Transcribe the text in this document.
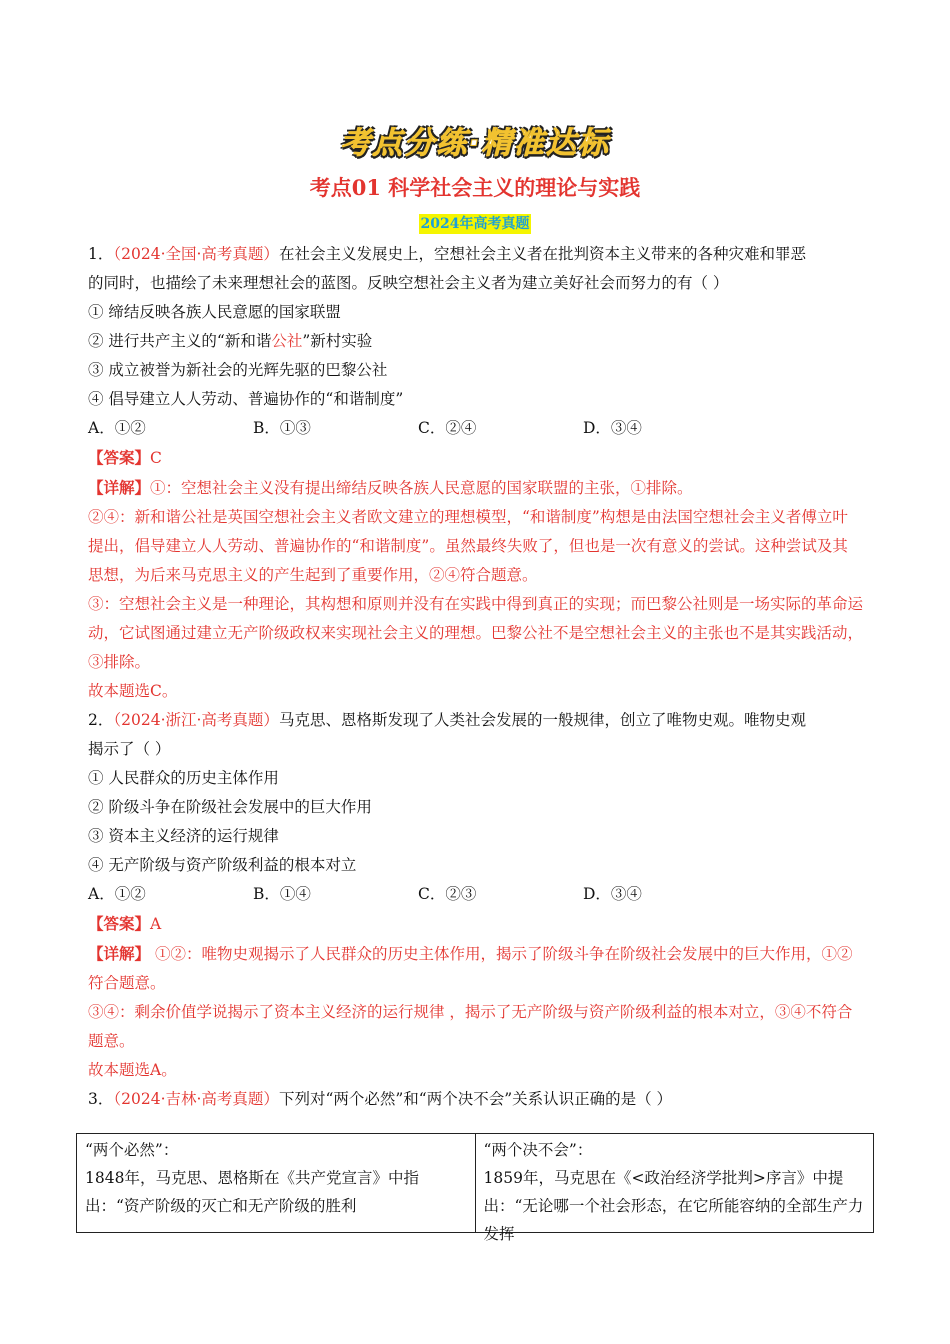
考点分练·精准达标
考点01 科学社会主义的理论与实践
2024年高考真题
1．（2024·全国·高考真题）在社会主义发展史上，空想社会主义者在批判资本主义带来的各种灾难和罪恶
的同时，也描绘了未来理想社会的蓝图。反映空想社会主义者为建立美好社会而努力的有（ ）
① 缔结反映各族人民意愿的国家联盟
② 进行共产主义的“新和谐公社”新村实验
③ 成立被誉为新社会的光辉先驱的巴黎公社
④ 倡导建立人人劳动、普遍协作的“和谐制度”
A．①②	B．①③	C．②④	D．③④
【答案】C
【详解】①：空想社会主义没有提出缔结反映各族人民意愿的国家联盟的主张，①排除。
②④：新和谐公社是英国空想社会主义者欧文建立的理想模型，“和谐制度”构想是由法国空想社会主义者傅立叶提出，倡导建立人人劳动、普遍协作的“和谐制度”。虽然最终失败了，但也是一次有意义的尝试。这种尝试及其思想，为后来马克思主义的产生起到了重要作用，②④符合题意。
③：空想社会主义是一种理论，其构想和原则并没有在实践中得到真正的实现；而巴黎公社则是一场实际的革命运动，它试图通过建立无产阶级政权来实现社会主义的理想。巴黎公社不是空想社会主义的主张也不是其实践活动，③排除。
故本题选C。
2．（2024·浙江·高考真题）马克思、恩格斯发现了人类社会发展的一般规律，创立了唯物史观。唯物史观
揭示了（ ）
① 人民群众的历史主体作用
② 阶级斗争在阶级社会发展中的巨大作用
③ 资本主义经济的运行规律
④ 无产阶级与资产阶级利益的根本对立
A．①②	B．①④	C．②③	D．③④
【答案】A
【详解】 ①②：唯物史观揭示了人民群众的历史主体作用，揭示了阶级斗争在阶级社会发展中的巨大作用，①②符合题意。
③④：剩余价值学说揭示了资本主义经济的运行规律 ，揭示了无产阶级与资产阶级利益的根本对立，③④不符合题意。
故本题选A。
3．（2024·吉林·高考真题）下列对“两个必然”和“两个决不会”关系认识正确的是（ ）
“两个必然”：
1848年，马克思、恩格斯在《共产党宣言》中指出：“资产阶级的灭亡和无产阶级的胜利

“两个决不会”：
1859年，马克思在《<政治经济学批判>序言》中提出：“无论哪一个社会形态，在它所能容纳的全部生产力发挥
